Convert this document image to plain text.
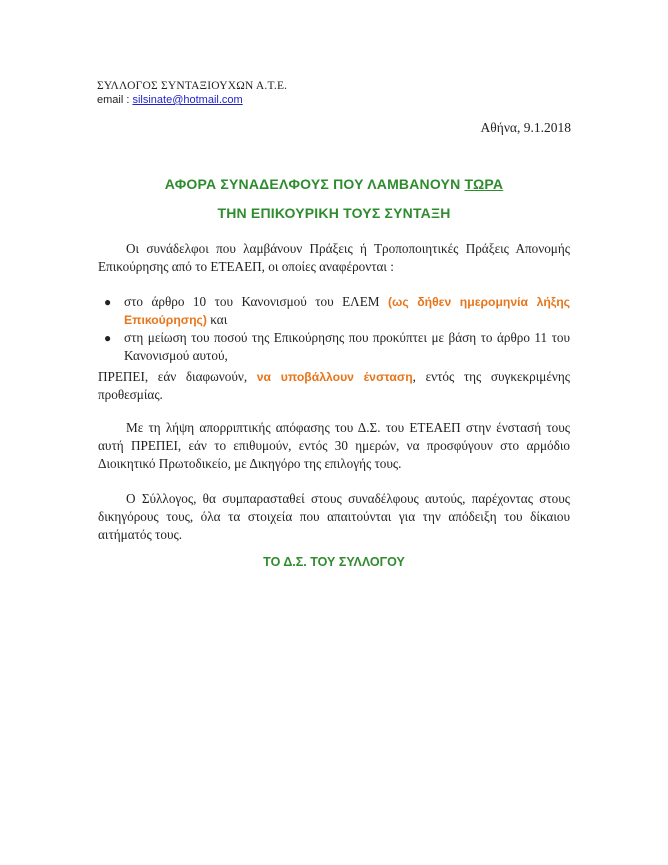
ΣΥΛΛΟΓΟΣ ΣΥΝΤΑΞΙΟΥΧΩΝ Α.Τ.Ε.
email : silsinate@hotmail.com
Αθήνα, 9.1.2018
ΑΦΟΡΑ ΣΥΝΑΔΕΛΦΟΥΣ ΠΟΥ ΛΑΜΒΑΝΟΥΝ ΤΩΡΑ
ΤΗΝ ΕΠΙΚΟΥΡΙΚΗ ΤΟΥΣ ΣΥΝΤΑΞΗ
Οι συνάδελφοι που λαμβάνουν Πράξεις ή Τροποποιητικές Πράξεις Απονομής Επικούρησης από το ΕΤΕΑΕΠ, οι οποίες αναφέρονται :
● στο άρθρο 10 του Κανονισμού του ΕΛΕΜ (ως δήθεν ημερομηνία λήξης Επικούρησης) και
● στη μείωση του ποσού της Επικούρησης που προκύπτει με βάση το άρθρο 11 του Κανονισμού αυτού,
ΠΡΕΠΕΙ, εάν διαφωνούν, να υποβάλλουν ένσταση, εντός της συγκεκριμένης προθεσμίας.
Με τη λήψη απορριπτικής απόφασης του Δ.Σ. του ΕΤΕΑΕΠ στην ένστασή τους αυτή ΠΡΕΠΕΙ, εάν το επιθυμούν, εντός 30 ημερών, να προσφύγουν στο αρμόδιο Διοικητικό Πρωτοδικείο, με Δικηγόρο της επιλογής τους.
Ο Σύλλογος, θα συμπαρασταθεί στους συναδέλφους αυτούς, παρέχοντας στους δικηγόρους τους, όλα τα στοιχεία που απαιτούνται για την απόδειξη του δίκαιου αιτήματός τους.
ΤΟ Δ.Σ. ΤΟΥ ΣΥΛΛΟΓΟΥ
